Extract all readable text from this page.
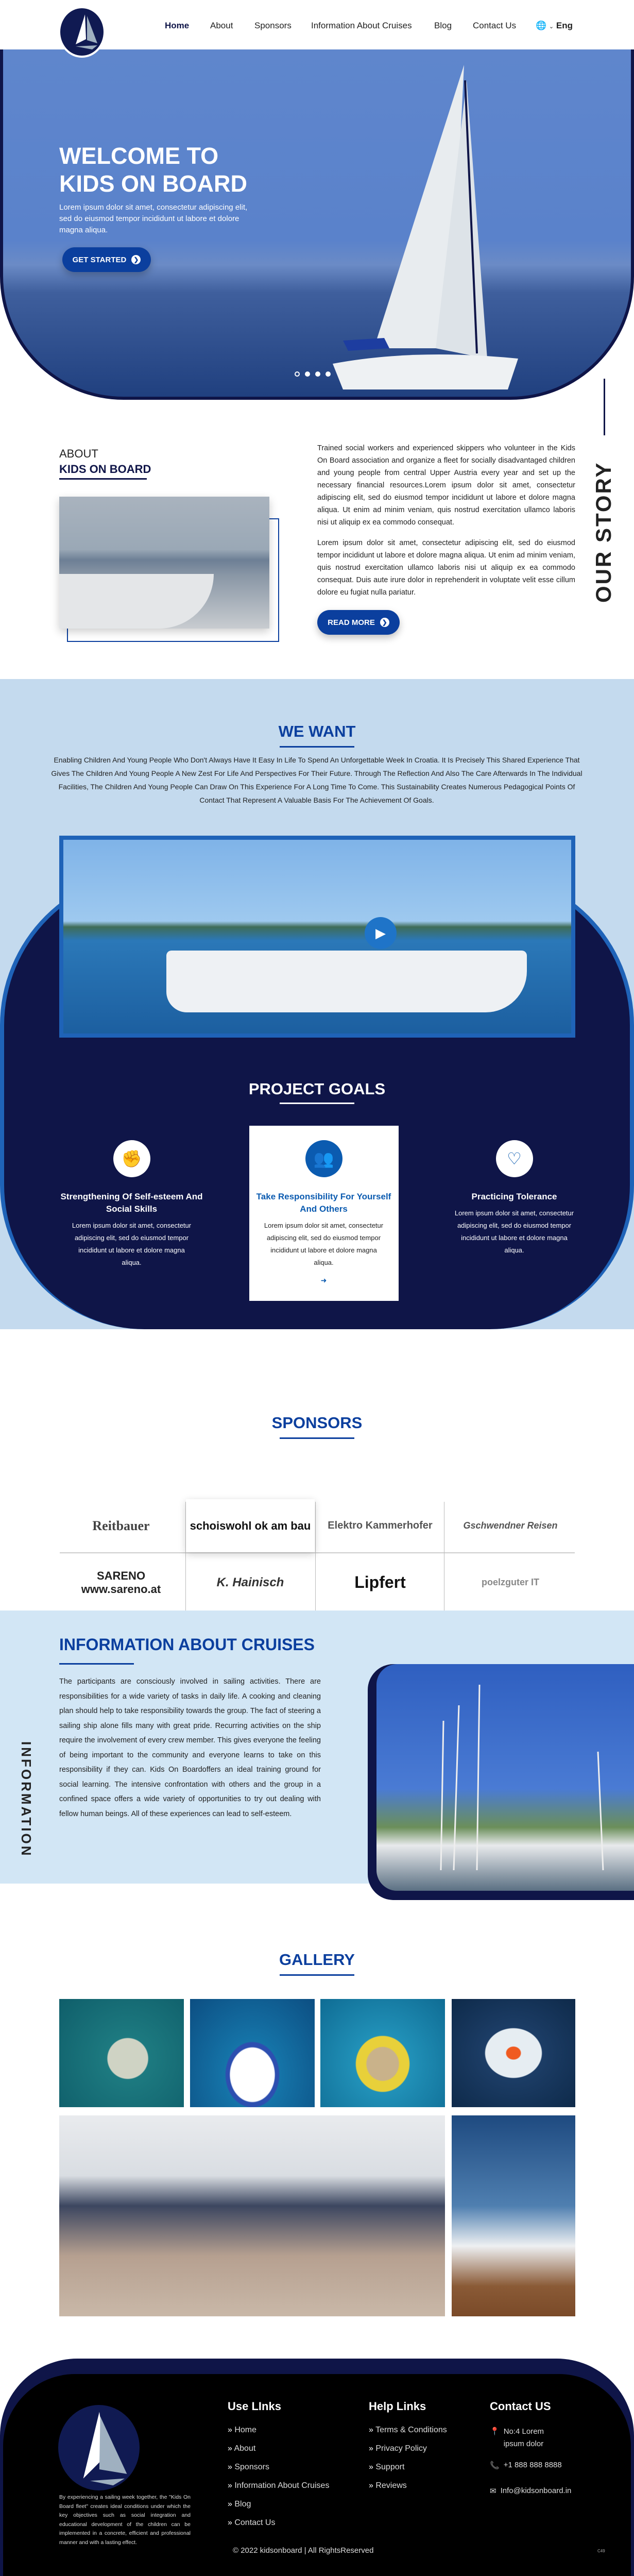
Home About Sponsors Information About Cruises	Blog Contact Us 🌐 ⌄ Eng
WELCOME TO
KIDS ON BOARD

Lorem ipsum dolor sit amet, consectetur adipiscing elit, sed do eiusmod tempor incididunt ut labore et dolore magna aliqua.

GET STARTED	❯
OUR STORY
ABOUT
KIDS ON BOARD

Trained social workers and experienced skippers who volunteer in the Kids On Board association and organize a fleet for socially disadvantaged children and young people from central Upper Austria every year and set up the necessary financial resources.Lorem ipsum dolor sit amet, consectetur adipiscing elit, sed do eiusmod tempor incididunt ut labore et dolore magna aliqua. Ut enim ad minim veniam, quis nostrud exercitation ullamco laboris nisi ut aliquip ex ea commodo consequat.

Lorem ipsum dolor sit amet, consectetur adipiscing elit, sed do eiusmod tempor incididunt ut labore et dolore magna aliqua. Ut enim ad minim veniam, quis nostrud exercitation ullamco laboris nisi ut aliquip ex ea commodo consequat. Duis aute irure dolor in reprehenderit in voluptate velit esse cillum dolore eu fugiat nulla pariatur.

READ MORE	❯
WE WANT

Enabling Children And Young People Who Don't Always Have It Easy In Life To Spend An Unforgettable Week In Croatia. It Is Precisely This Shared Experience That Gives The Children And Young People A New Zest For Life And Perspectives For Their Future. Through The Reflection And Also The Care Afterwards In The Individual Facilities, The Children And Young People Can Draw On This Experience For A Long Time To Come. This Sustainability Creates Numerous Pedagogical Points Of Contact That Represent A Valuable Basis For The Achievement Of Goals.

▶
PROJECT GOALS
✊
Strengthening Of Self-esteem And Social Skills

Lorem ipsum dolor sit amet, consectetur adipiscing elit, sed do eiusmod tempor incididunt ut labore et dolore magna aliqua.

👥
Take Responsibility For Yourself And Others

Lorem ipsum dolor sit amet, consectetur adipiscing elit, sed do eiusmod tempor incididunt ut labore et dolore magna aliqua.

➜
♡
Practicing Tolerance

Lorem ipsum dolor sit amet, consectetur adipiscing elit, sed do eiusmod tempor incididunt ut labore et dolore magna aliqua.

SPONSORS
Reitbauer	schoiswohl ok am bau	Elektro Kammerhofer	Gschwendner Reisen
SARENO www.sareno.at	K. Hainisch	Lipfert	poelzguter IT
INFORMATION
INFORMATION ABOUT CRUISES

The participants are consciously involved in sailing activities. There are responsibilities for a wide variety of tasks in daily life. A cooking and cleaning plan should help to take responsibility towards the group. The fact of steering a sailing ship alone fills many with great pride. Recurring activities on the ship require the involvement of every crew member. This gives everyone the feeling of being important to the community and everyone learns to take on this responsibility if they can. Kids On Boardoffers an ideal training ground for social learning. The intensive confrontation with others and the group in a confined space offers a wide variety of opportunities to try out dealing with fellow human beings. All of these experiences can lead to self-esteem.

GALLERY

By experiencing a sailing week together, the "Kids On Board fleet" creates ideal conditions under which the key objectives such as social integration and educational development of the children can be implemented in a concrete, efficient and professional manner and with a lasting effect.

Use LInks
» Home
» About
» Sponsors
» Information About Cruises
» Blog
» Contact Us
Help Links
» Terms & Conditions
» Privacy Policy
» Support
» Reviews
Contact US
📍 No:4 Lorem ipsum dolor
📞 +1 888 888 8888
✉ Info@kidsonboard.in
© 2022 kidsonboard | All RightsReserved	C49
